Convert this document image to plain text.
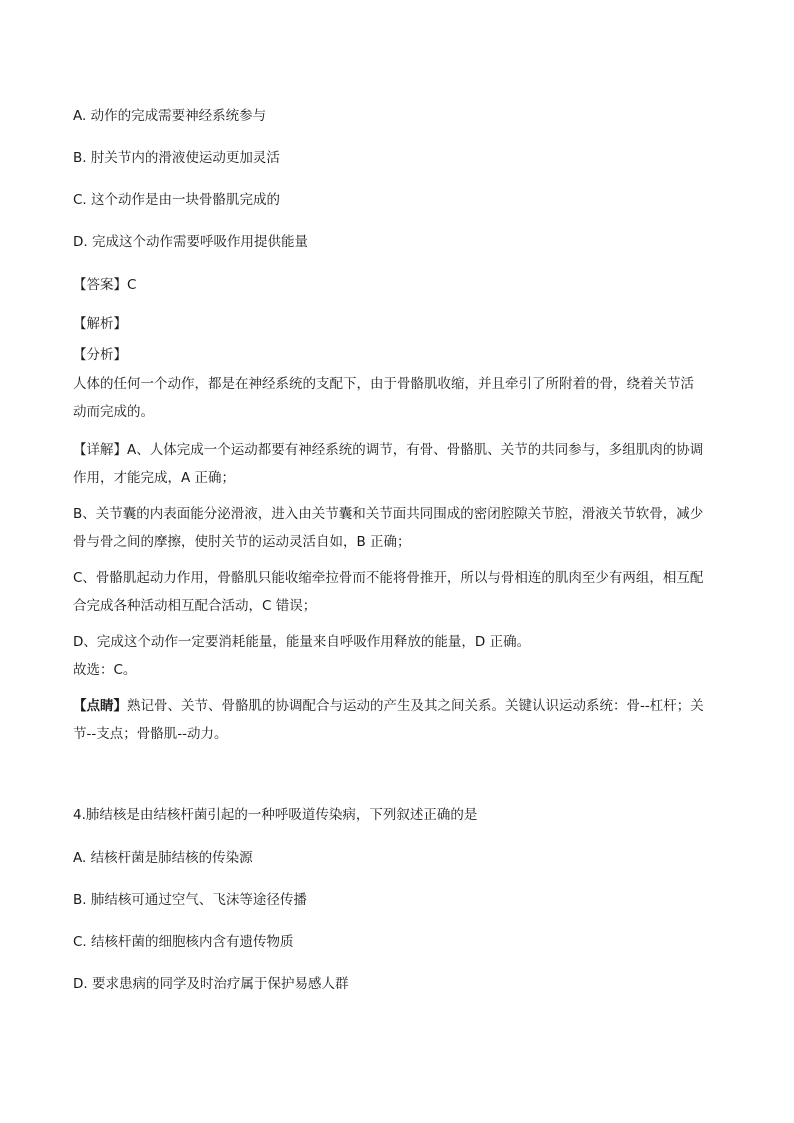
A. 动作的完成需要神经系统参与
B. 肘关节内的滑液使运动更加灵活
C. 这个动作是由一块骨骼肌完成的
D. 完成这个动作需要呼吸作用提供能量
【答案】C
【解析】
【分析】
人体的任何一个动作，都是在神经系统的支配下，由于骨骼肌收缩，并且牵引了所附着的骨，绕着关节活
动而完成的。
【详解】A、人体完成一个运动都要有神经系统的调节，有骨、骨骼肌、关节的共同参与，多组肌肉的协调
作用，才能完成，A 正确；
B、关节囊的内表面能分泌滑液，进入由关节囊和关节面共同围成的密闭腔隙关节腔，滑液关节软骨，减少
骨与骨之间的摩擦，使肘关节的运动灵活自如，B 正确；
C、骨骼肌起动力作用，骨骼肌只能收缩牵拉骨而不能将骨推开，所以与骨相连的肌肉至少有两组，相互配
合完成各种活动相互配合活动，C 错误；
D、完成这个动作一定要消耗能量，能量来自呼吸作用释放的能量，D 正确。
故选：C。
【点睛】熟记骨、关节、骨骼肌的协调配合与运动的产生及其之间关系。关键认识运动系统：骨--杠杆；关
节--支点；骨骼肌--动力。
4.肺结核是由结核杆菌引起的一种呼吸道传染病，下列叙述正确的是
A. 结核杆菌是肺结核的传染源
B. 肺结核可通过空气、飞沫等途径传播
C. 结核杆菌的细胞核内含有遗传物质
D. 要求患病的同学及时治疗属于保护易感人群
